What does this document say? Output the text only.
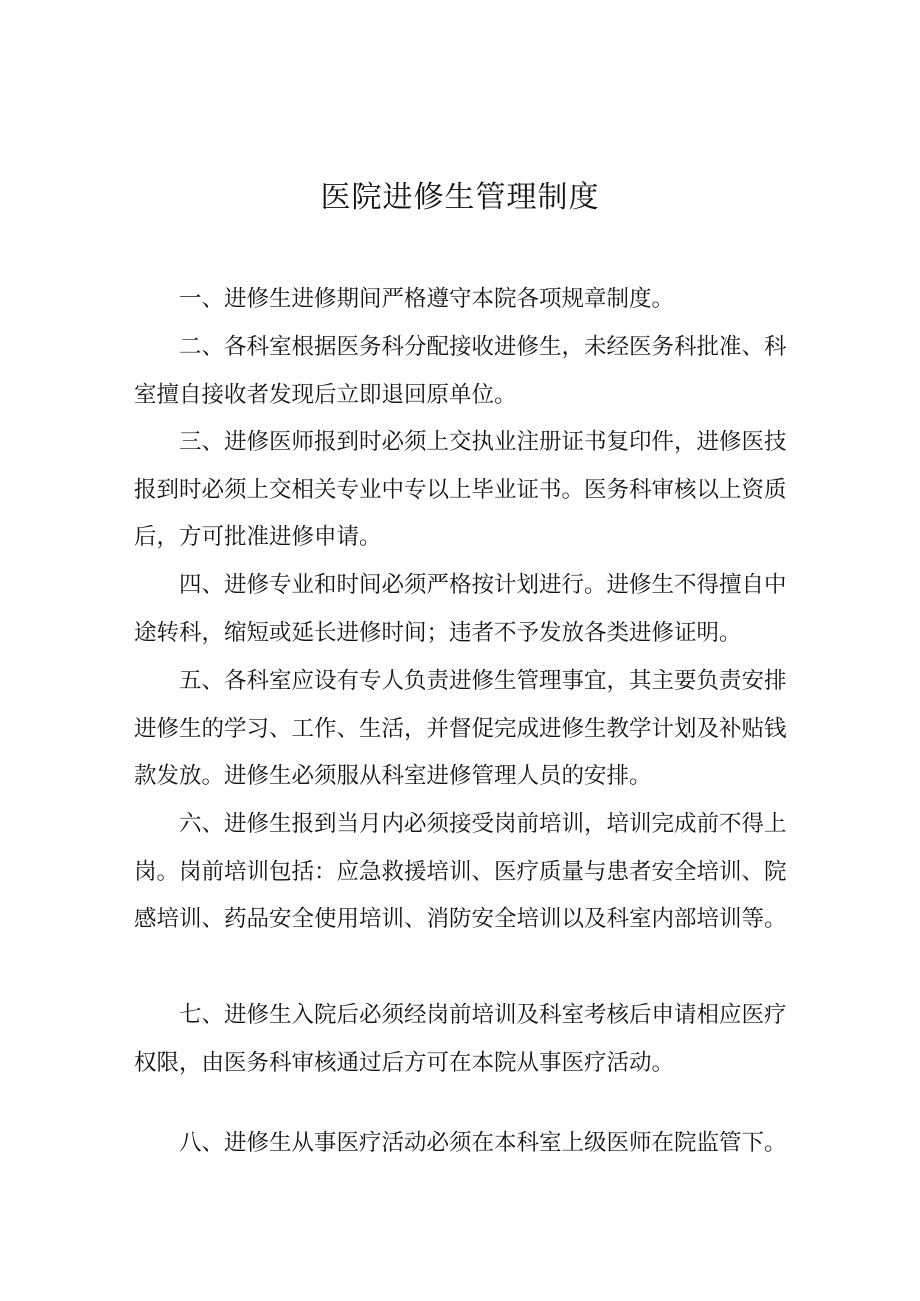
医院进修生管理制度

一、进修生进修期间严格遵守本院各项规章制度。

二、各科室根据医务科分配接收进修生，未经医务科批准、科室擅自接收者发现后立即退回原单位。

三、进修医师报到时必须上交执业注册证书复印件，进修医技报到时必须上交相关专业中专以上毕业证书。医务科审核以上资质后，方可批准进修申请。

四、进修专业和时间必须严格按计划进行。进修生不得擅自中途转科，缩短或延长进修时间；违者不予发放各类进修证明。

五、各科室应设有专人负责进修生管理事宜，其主要负责安排进修生的学习、工作、生活，并督促完成进修生教学计划及补贴钱款发放。进修生必须服从科室进修管理人员的安排。

六、进修生报到当月内必须接受岗前培训，培训完成前不得上岗。岗前培训包括：应急救援培训、医疗质量与患者安全培训、院感培训、药品安全使用培训、消防安全培训以及科室内部培训等。

七、进修生入院后必须经岗前培训及科室考核后申请相应医疗权限，由医务科审核通过后方可在本院从事医疗活动。

八、进修生从事医疗活动必须在本科室上级医师在院监管下。
